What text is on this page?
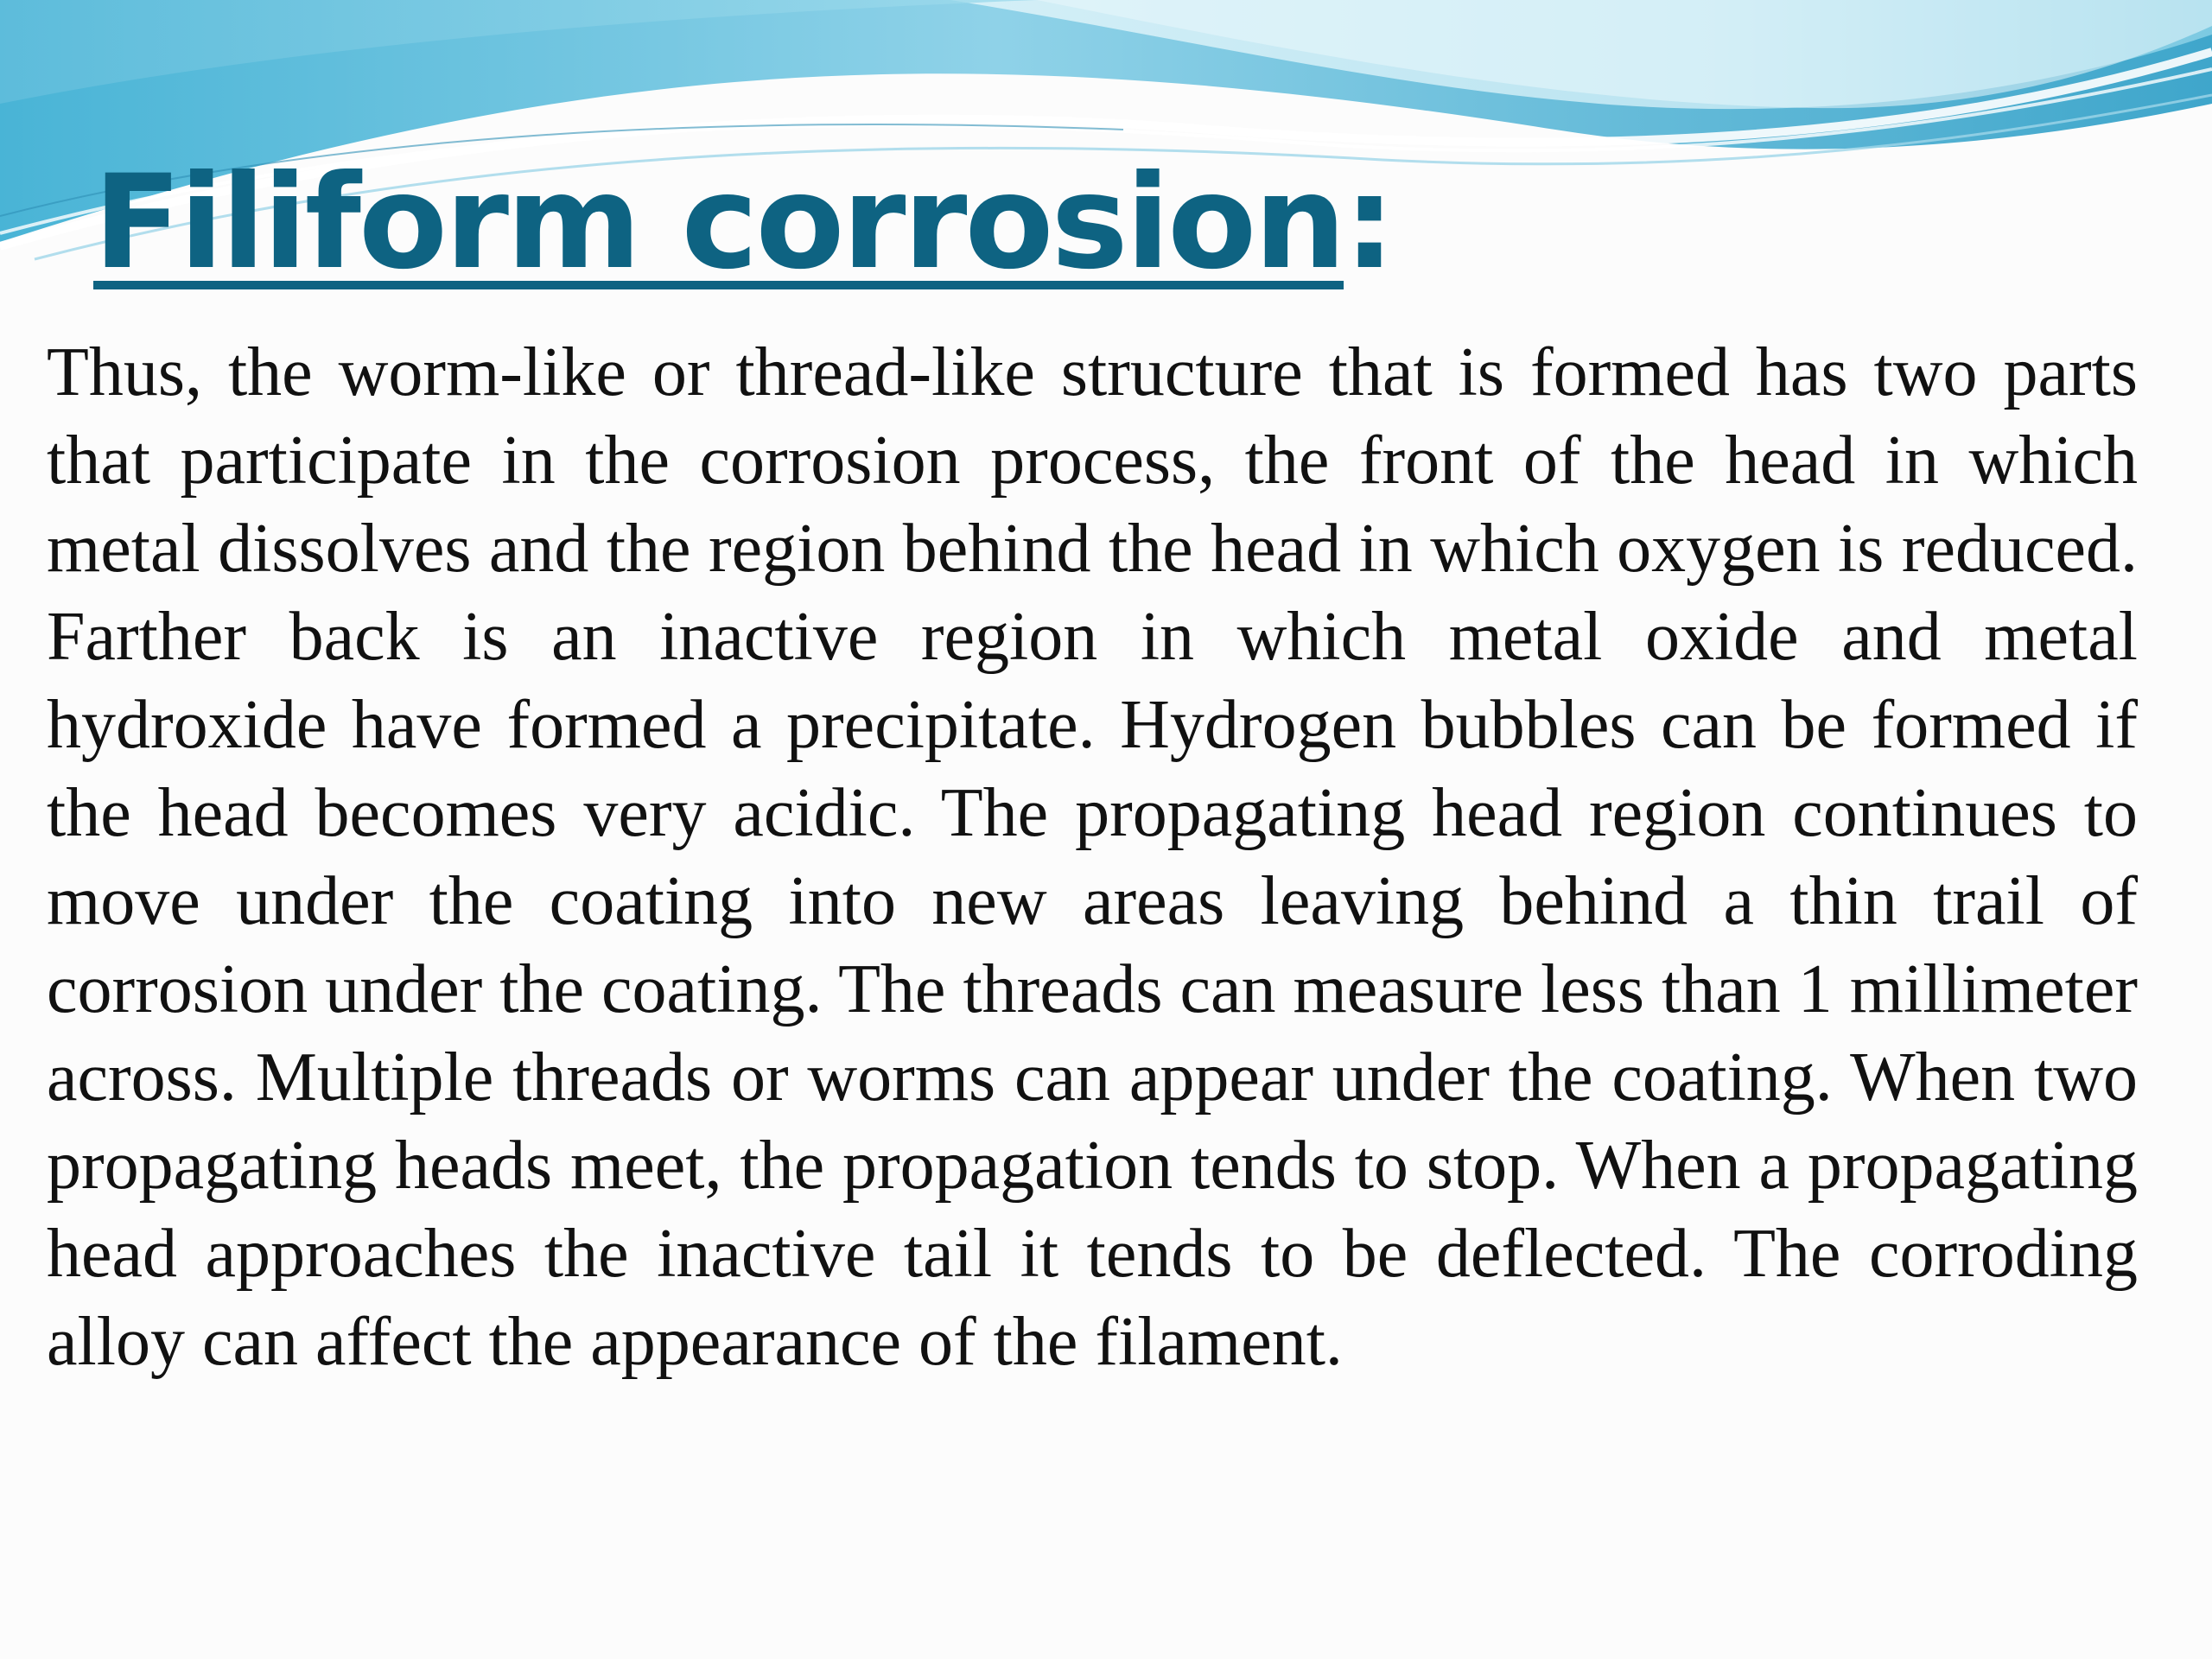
Filiform corrosion:

Thus, the worm-like or thread-like structure that is formed has two parts that participate in the corrosion process, the front of the head in which metal dissolves and the region behind the head in which oxygen is reduced. Farther back is an inactive region in which metal oxide and metal hydroxide have formed a precipitate. Hydrogen bubbles can be formed if the head becomes very acidic. The propagating head region continues to move under the coating into new areas leaving behind a thin trail of corrosion under the coating. The threads can measure less than 1 millimeter across. Multiple threads or worms can appear under the coating. When two propagating heads meet, the propagation tends to stop. When a propagating head approaches the inactive tail it tends to be deflected. The corroding alloy can affect the appearance of the filament.
